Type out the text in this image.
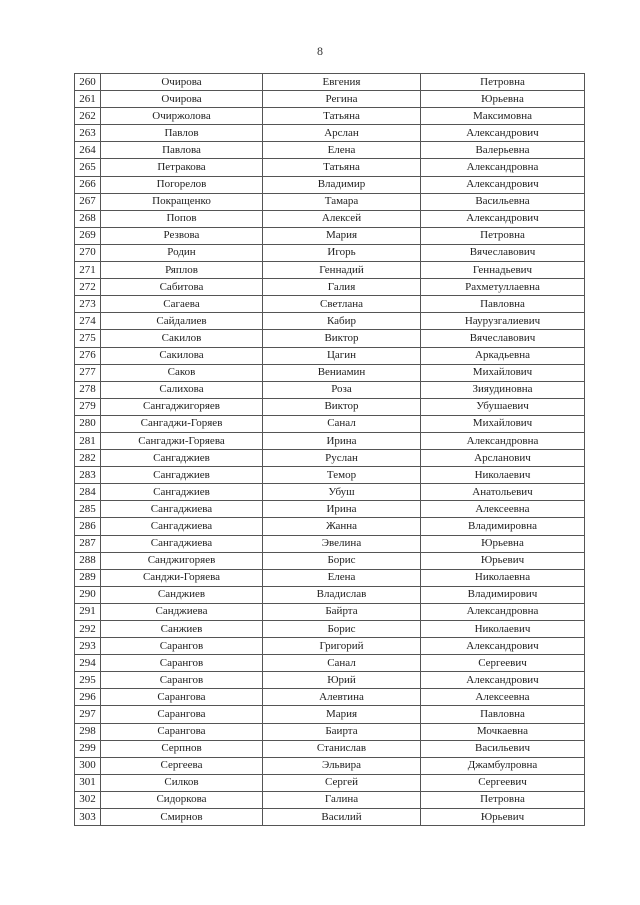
8
260	Очирова	Евгения	Петровна
261	Очирова	Регина	Юрьевна
262	Очиржолова	Татьяна	Максимовна
263	Павлов	Арслан	Александрович
264	Павлова	Елена	Валерьевна
265	Петракова	Татьяна	Александровна
266	Погорелов	Владимир	Александрович
267	Покращенко	Тамара	Васильевна
268	Попов	Алексей	Александрович
269	Резвова	Мария	Петровна
270	Родин	Игорь	Вячеславович
271	Ряплов	Геннадий	Геннадьевич
272	Сабитова	Галия	Рахметуллаевна
273	Сагаева	Светлана	Павловна
274	Сайдалиев	Кабир	Наурузгалиевич
275	Сакилов	Виктор	Вячеславович
276	Сакилова	Цагин	Аркадьевна
277	Саков	Вениамин	Михайлович
278	Салихова	Роза	Зияудиновна
279	Сангаджигоряев	Виктор	Убушаевич
280	Сангаджи-Горяев	Санал	Михайлович
281	Сангаджи-Горяева	Ирина	Александровна
282	Сангаджиев	Руслан	Арсланович
283	Сангаджиев	Темор	Николаевич
284	Сангаджиев	Убуш	Анатольевич
285	Сангаджиева	Ирина	Алексеевна
286	Сангаджиева	Жанна	Владимировна
287	Сангаджиева	Эвелина	Юрьевна
288	Санджигоряев	Борис	Юрьевич
289	Санджи-Горяева	Елена	Николаевна
290	Санджиев	Владислав	Владимирович
291	Санджиева	Байрта	Александровна
292	Санжиев	Борис	Николаевич
293	Сарангов	Григорий	Александрович
294	Сарангов	Санал	Сергеевич
295	Сарангов	Юрий	Александрович
296	Сарангова	Алевтина	Алексеевна
297	Сарангова	Мария	Павловна
298	Сарангова	Баирта	Мочкаевна
299	Серпнов	Станислав	Васильевич
300	Сергеева	Эльвира	Джамбулровна
301	Силков	Сергей	Сергеевич
302	Сидоркова	Галина	Петровна
303	Смирнов	Василий	Юрьевич
